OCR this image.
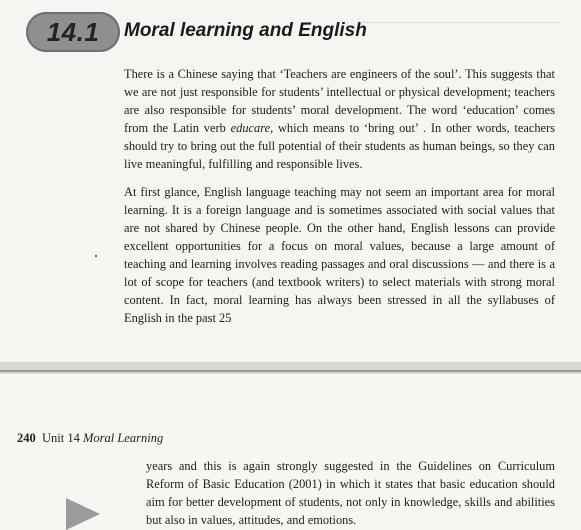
14.1 Moral learning and English

There is a Chinese saying that ‘Teachers are engineers of the soul’. This suggests that we are not just responsible for students’ intellectual or physical development; teachers are also responsible for students’ moral development. The word ‘education’ comes from the Latin verb educare, which means to ‘bring out’ . In other words, teachers should try to bring out the full potential of their students as human beings, so they can live meaningful, fulfilling and responsible lives.

At first glance, English language teaching may not seem an important area for moral learning. It is a foreign language and is sometimes associated with social values that are not shared by Chinese people. On the other hand, English lessons can provide excellent opportunities for a focus on moral values, because a large amount of teaching and learning involves reading passages and oral discussions — and there is a lot of scope for teachers (and textbook writers) to select materials with strong moral content. In fact, moral learning has always been stressed in all the syllabuses of English in the past 25

240 Unit 14 Moral Learning

years and this is again strongly suggested in the Guidelines on Curriculum Reform of Basic Education (2001) in which it states that basic education should aim for better development of students, not only in knowledge, skills and abilities but also in values, attitudes, and emotions.
